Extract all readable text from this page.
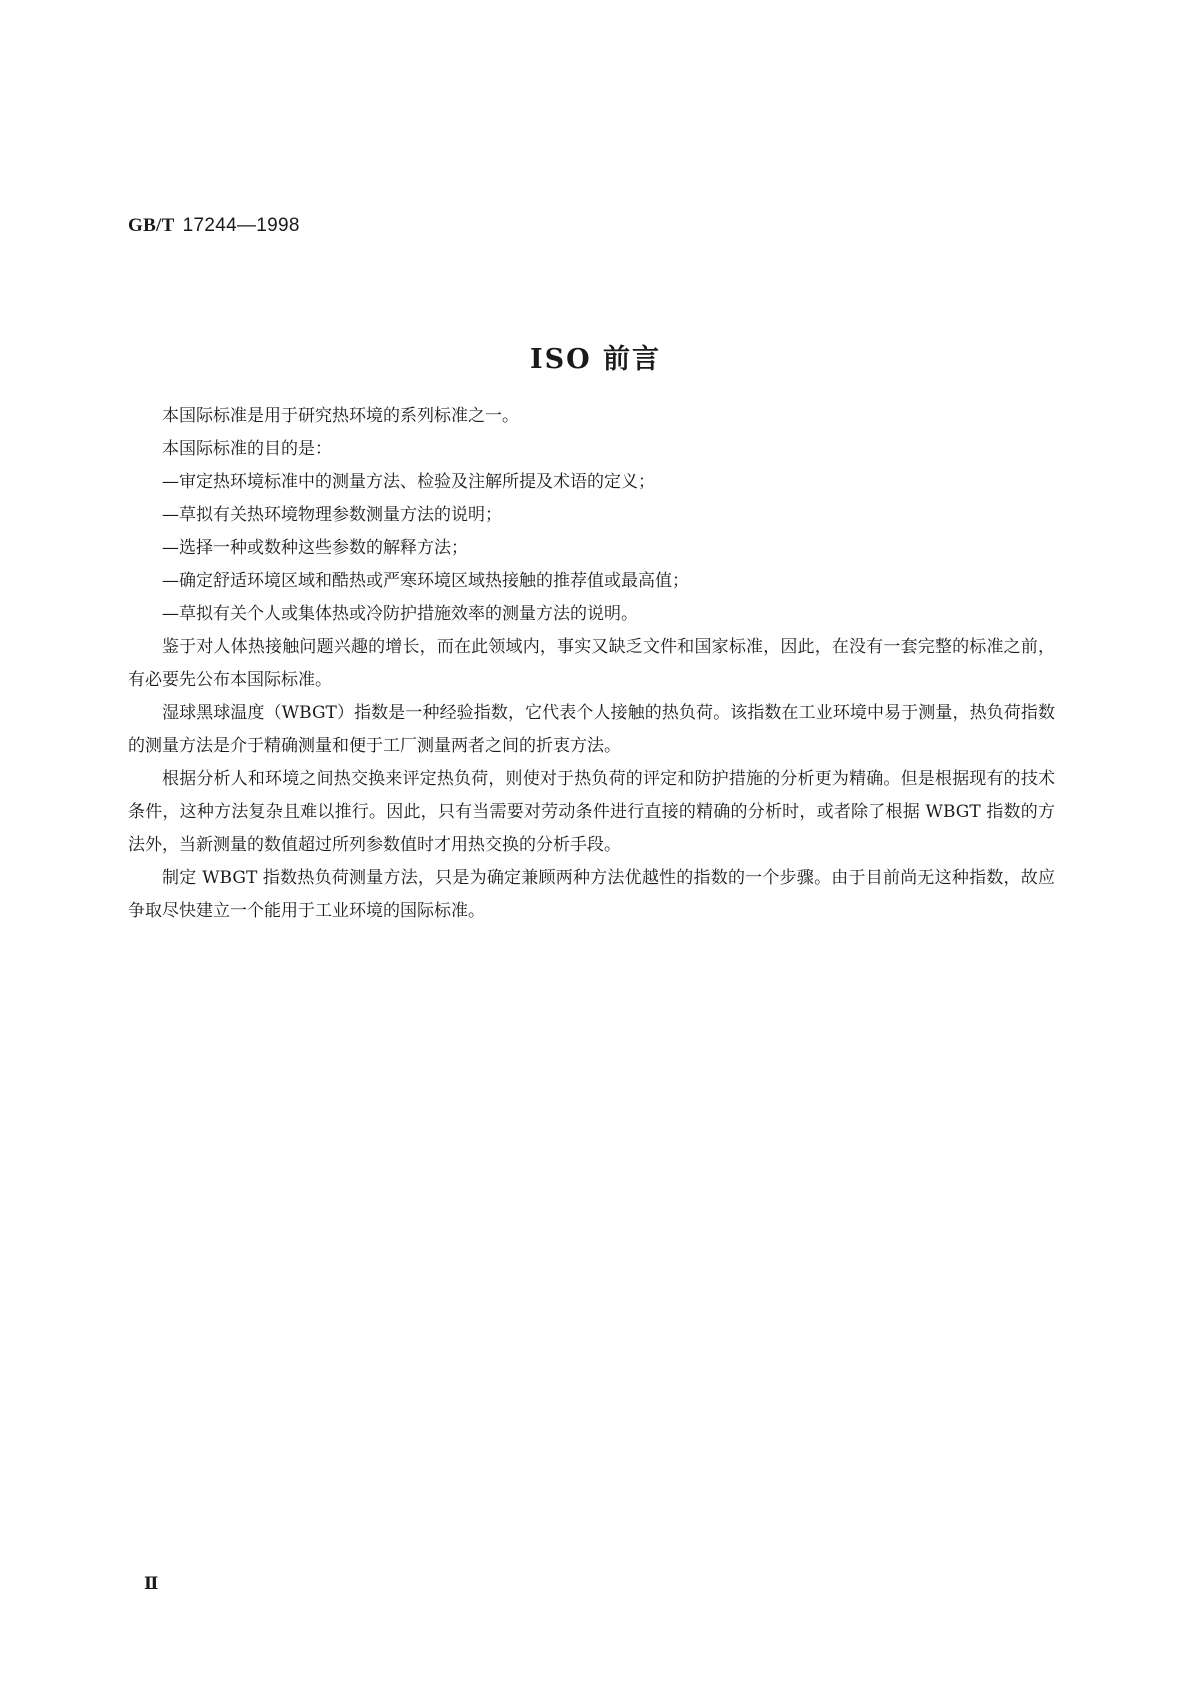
GB/T 17244—1998
ISO 前言

本国际标准是用于研究热环境的系列标准之一。

本国际标准的目的是：

—审定热环境标准中的测量方法、检验及注解所提及术语的定义；

—草拟有关热环境物理参数测量方法的说明；

—选择一种或数种这些参数的解释方法；

—确定舒适环境区域和酷热或严寒环境区域热接触的推荐值或最高值；

—草拟有关个人或集体热或冷防护措施效率的测量方法的说明。

鉴于对人体热接触问题兴趣的增长，而在此领域内，事实又缺乏文件和国家标准，因此，在没有一套完整的标准之前，有必要先公布本国际标准。

湿球黑球温度（WBGT）指数是一种经验指数，它代表个人接触的热负荷。该指数在工业环境中易于测量，热负荷指数的测量方法是介于精确测量和便于工厂测量两者之间的折衷方法。

根据分析人和环境之间热交换来评定热负荷，则使对于热负荷的评定和防护措施的分析更为精确。但是根据现有的技术条件，这种方法复杂且难以推行。因此，只有当需要对劳动条件进行直接的精确的分析时，或者除了根据 WBGT 指数的方法外，当新测量的数值超过所列参数值时才用热交换的分析手段。

制定 WBGT 指数热负荷测量方法，只是为确定兼顾两种方法优越性的指数的一个步骤。由于目前尚无这种指数，故应争取尽快建立一个能用于工业环境的国际标准。

Ⅱ
